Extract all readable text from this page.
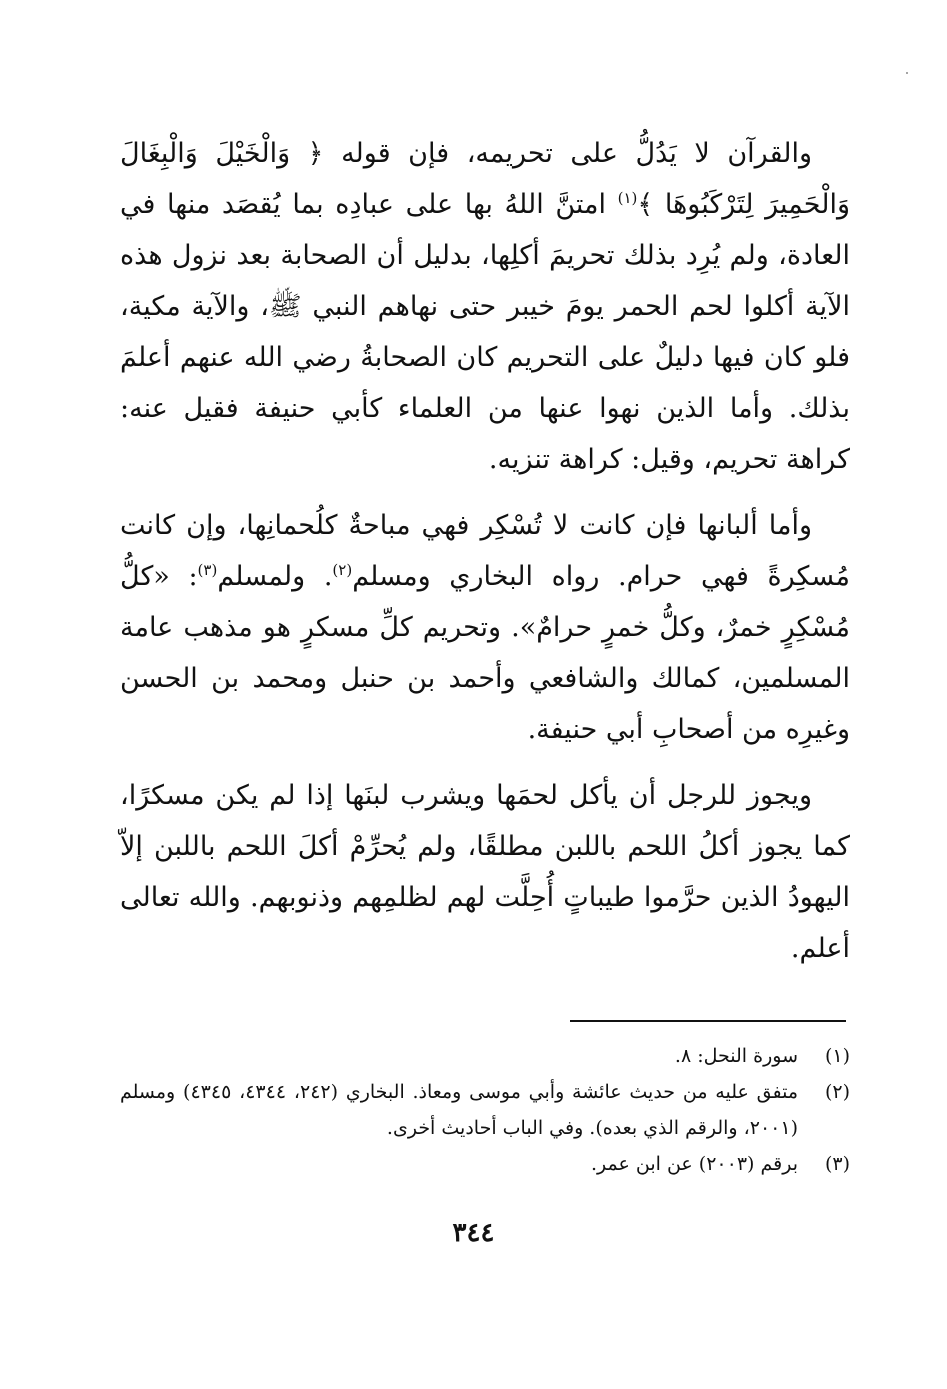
والقرآن لا يَدُلُّ على تحريمه، فإن قوله ﴿ وَالْخَيْلَ وَالْبِغَالَ وَالْحَمِيرَ لِتَرْكَبُوهَا ﴾$^{(١)}$ امتنَّ اللهُ بها على عبادِه بما يُقصَد منها في العادة، ولم يُرِد بذلك تحريمَ أكلِها، بدليل أن الصحابة بعد نزول هذه الآية أكلوا لحم الحمر يومَ خيبر حتى نهاهم النبي ﷺ، والآية مكية، فلو كان فيها دليلٌ على التحريم كان الصحابةُ رضي الله عنهم أعلمَ بذلك. وأما الذين نهوا عنها من العلماء كأبي حنيفة فقيل عنه: كراهة تحريم، وقيل: كراهة تنزيه.

وأما ألبانها فإن كانت لا تُسْكِر فهي مباحةٌ كلُحمانِها، وإن كانت مُسكِرةً فهي حرام. رواه البخاري ومسلم$^{(٢)}$. ولمسلم$^{(٣)}$: «كلُّ مُسْكِرٍ خمرٌ، وكلُّ خمرٍ حرامٌ». وتحريم كلِّ مسكرٍ هو مذهب عامة المسلمين، كمالك والشافعي وأحمد بن حنبل ومحمد بن الحسن وغيرِه من أصحابِ أبي حنيفة.

ويجوز للرجل أن يأكل لحمَها ويشرب لبنَها إذا لم يكن مسكرًا، كما يجوز أكلُ اللحم باللبن مطلقًا، ولم يُحرِّمْ أكلَ اللحم باللبن إلاّ اليهودُ الذين حرَّموا طيباتٍ أُحِلَّت لهم لظلمِهم وذنوبهم. والله تعالى أعلم.

(١)
سورة النحل: ٨.
(٢)
متفق عليه من حديث عائشة وأبي موسى ومعاذ. البخاري (٢٤٢، ٤٣٤٤، ٤٣٤٥) ومسلم (٢٠٠١، والرقم الذي بعده). وفي الباب أحاديث أخرى.
(٣)
برقم (٢٠٠٣) عن ابن عمر.
٣٤٤
